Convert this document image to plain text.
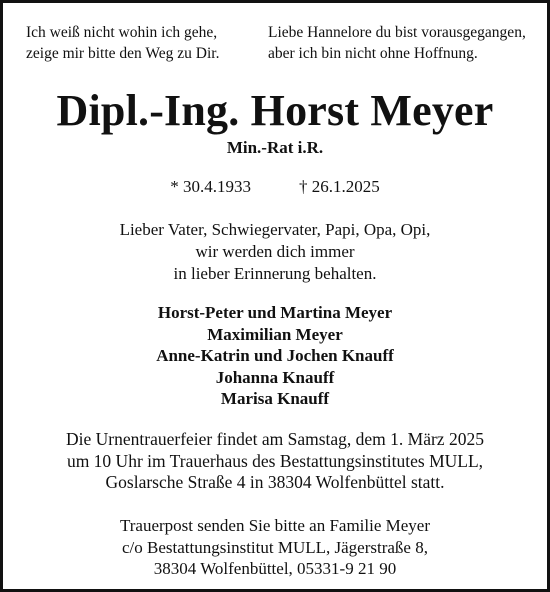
Ich weiß nicht wohin ich gehe,
zeige mir bitte den Weg zu Dir.
Liebe Hannelore du bist vorausgegangen,
aber ich bin nicht ohne Hoffnung.
Dipl.-Ing. Horst Meyer
Min.-Rat i.R.
* 30.4.1933	† 26.1.2025
Lieber Vater, Schwiegervater, Papi, Opa, Opi,
wir werden dich immer
in lieber Erinnerung behalten.
Horst-Peter und Martina Meyer
Maximilian Meyer
Anne-Katrin und Jochen Knauff
Johanna Knauff
Marisa Knauff
Die Urnentrauerfeier findet am Samstag, dem 1. März 2025
um 10 Uhr im Trauerhaus des Bestattungsinstitutes MULL,
Goslarsche Straße 4 in 38304 Wolfenbüttel statt.
Trauerpost senden Sie bitte an Familie Meyer
c/o Bestattungsinstitut MULL, Jägerstraße 8,
38304 Wolfenbüttel, 05331-9 21 90
